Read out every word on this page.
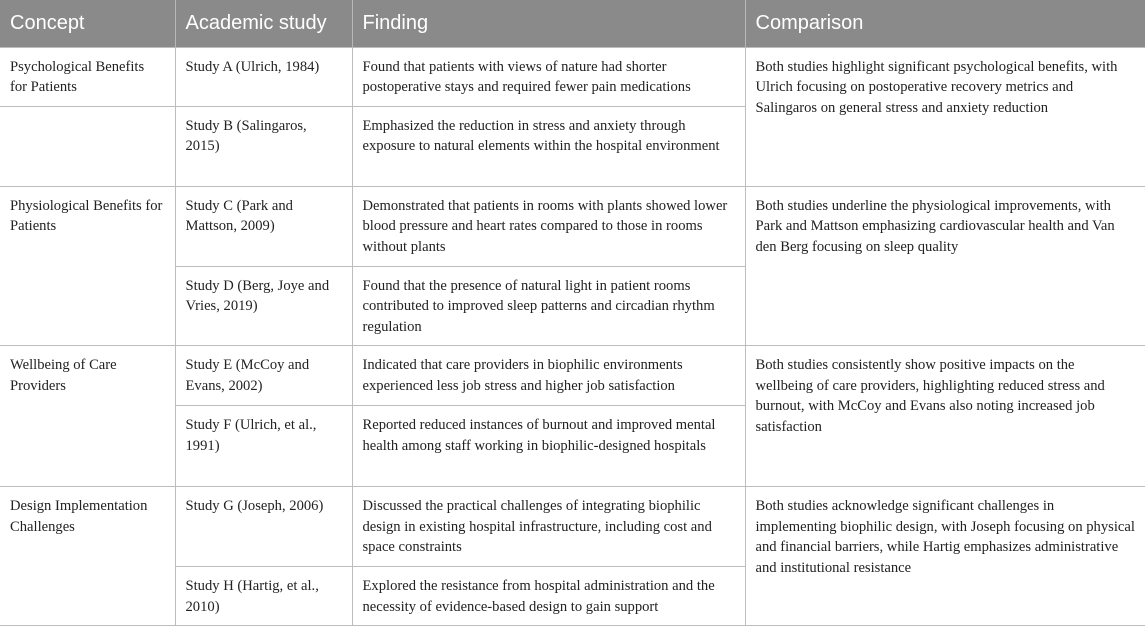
Concept	Academic study	Finding	Comparison
Psychological Benefits for Patients	Study A (Ulrich, 1984)	Found that patients with views of nature had shorter postoperative stays and required fewer pain medications	Both studies highlight significant psychological benefits, with Ulrich focusing on postoperative recovery metrics and Salingaros on general stress and anxiety reduction
	Study B (Salingaros, 2015)	Emphasized the reduction in stress and anxiety through exposure to natural elements within the hospital environment	
Physiological Benefits for Patients	Study C (Park and Mattson, 2009)	Demonstrated that patients in rooms with plants showed lower blood pressure and heart rates compared to those in rooms without plants	Both studies underline the physiological improvements, with Park and Mattson emphasizing cardiovascular health and Van den Berg focusing on sleep quality
	Study D (Berg, Joye and Vries, 2019)	Found that the presence of natural light in patient rooms contributed to improved sleep patterns and circadian rhythm regulation	
Wellbeing of Care Providers	Study E (McCoy and Evans, 2002)	Indicated that care providers in biophilic environments experienced less job stress and higher job satisfaction	Both studies consistently show positive impacts on the wellbeing of care providers, highlighting reduced stress and burnout, with McCoy and Evans also noting increased job satisfaction
	Study F (Ulrich, et al., 1991)	Reported reduced instances of burnout and improved mental health among staff working in biophilic-designed hospitals	
Design Implementation Challenges	Study G (Joseph, 2006)	Discussed the practical challenges of integrating biophilic design in existing hospital infrastructure, including cost and space constraints	Both studies acknowledge significant challenges in implementing biophilic design, with Joseph focusing on physical and financial barriers, while Hartig emphasizes administrative and institutional resistance
	Study H (Hartig, et al., 2010)	Explored the resistance from hospital administration and the necessity of evidence-based design to gain support	
